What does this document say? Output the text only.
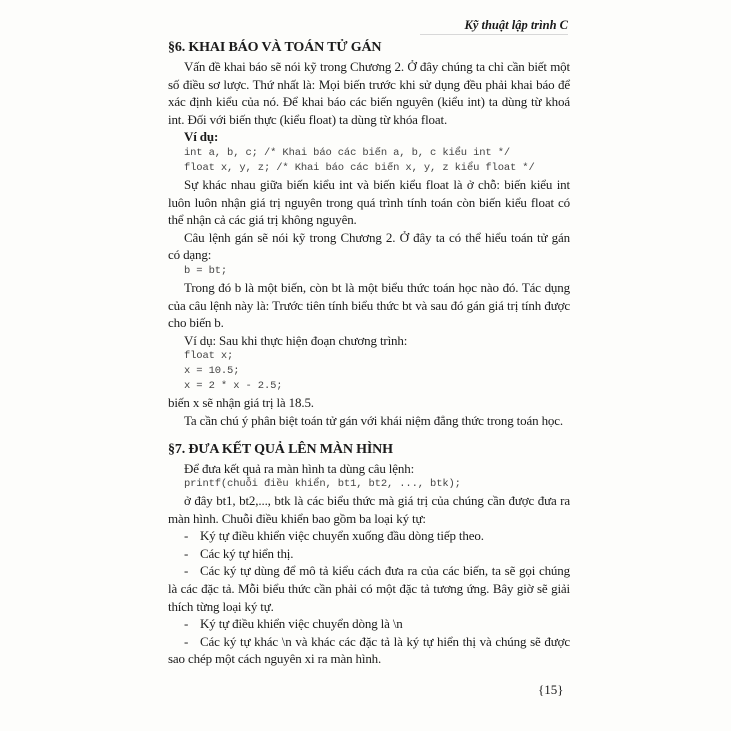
Kỹ thuật lập trình C
§6. KHAI BÁO VÀ TOÁN TỬ GÁN
Vấn đề khai báo sẽ nói kỹ trong Chương 2. Ở đây chúng ta chỉ cần biết một
số điều sơ lược. Thứ nhất là: Mọi biến trước khi sử dụng đều phải khai báo để
xác định kiểu của nó. Để khai báo các biến nguyên (kiểu int) ta dùng từ khoá
int. Đối với biến thực (kiểu float) ta dùng từ khóa float.
Ví dụ:
int a, b, c; /* Khai báo các biến a, b, c kiểu int */
float x, y, z; /* Khai báo các biến x, y, z kiểu float */
Sự khác nhau giữa biến kiểu int và biến kiểu float là ở chỗ: biến kiểu int
luôn luôn nhận giá trị nguyên trong quá trình tính toán còn biến kiểu float có
thể nhận cả các giá trị không nguyên.
Câu lệnh gán sẽ nói kỹ trong Chương 2. Ở đây ta có thể hiểu toán tử gán
có dạng:
b = bt;
Trong đó b là một biến, còn bt là một biểu thức toán học nào đó. Tác dụng
của câu lệnh này là: Trước tiên tính biểu thức bt và sau đó gán giá trị tính được
cho biến b.
Ví dụ: Sau khi thực hiện đoạn chương trình:
float x;
x = 10.5;
x = 2 * x - 2.5;
biến x sẽ nhận giá trị là 18.5.
Ta cần chú ý phân biệt toán tử gán với khái niệm đẳng thức trong toán học.
§7. ĐƯA KẾT QUẢ LÊN MÀN HÌNH
Để đưa kết quả ra màn hình ta dùng câu lệnh:
printf(chuỗi điều khiển, bt1, bt2, ..., btk);
ở đây bt1, bt2,..., btk là các biểu thức mà giá trị của chúng cần được đưa ra
màn hình. Chuỗi điều khiển bao gồm ba loại ký tự:
- Ký tự điều khiển việc chuyển xuống đầu dòng tiếp theo.
- Các ký tự hiển thị.
- Các ký tự dùng để mô tả kiểu cách đưa ra của các biến, ta sẽ gọi chúng
là các đặc tả. Mỗi biểu thức cần phải có một đặc tả tương ứng. Bây giờ sẽ giải
thích từng loại ký tự.
- Ký tự điều khiển việc chuyển dòng là \n
- Các ký tự khác \n và khác các đặc tả là ký tự hiển thị và chúng sẽ được
sao chép một cách nguyên xi ra màn hình.
{15}
